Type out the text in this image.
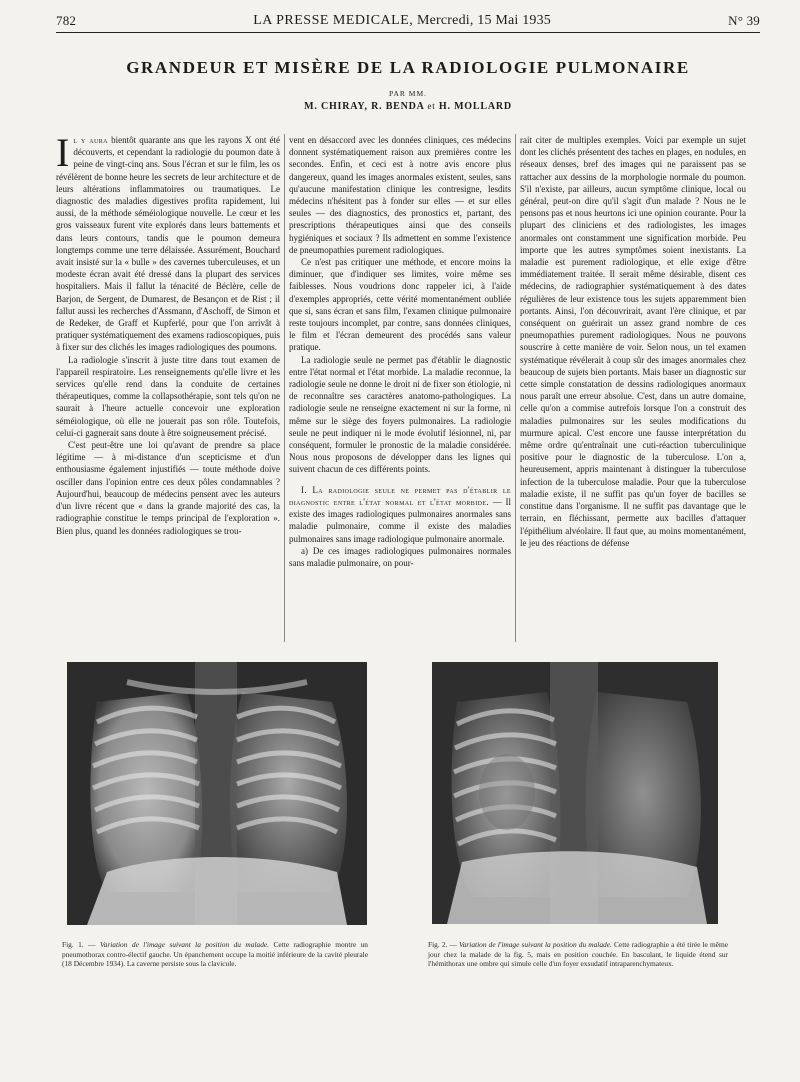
782	LA PRESSE MEDICALE, Mercredi, 15 Mai 1935	N° 39
GRANDEUR ET MISÈRE DE LA RADIOLOGIE PULMONAIRE
PAR MM.
M. CHIRAY, R. BENDA et H. MOLLARD

Il y aura bientôt quarante ans que les rayons X ont été découverts, et cependant la radiologie du poumon date à peine de vingt-cinq ans. Sous l'écran et sur le film, les os révélèrent de bonne heure les secrets de leur architecture et de leurs altérations inflammatoires ou traumatiques. Le diagnostic des maladies digestives profita rapidement, lui aussi, de la méthode séméiologique nouvelle. Le cœur et les gros vaisseaux furent vite explorés dans leurs battements et dans leurs contours, tandis que le poumon demeura longtemps comme une terre délaissée. Assurément, Bouchard avait insisté sur la « bulle » des cavernes tuberculeuses, et un modeste écran avait été dressé dans la plupart des services hospitaliers. Mais il fallut la ténacité de Béclère, celle de Barjon, de Sergent, de Dumarest, de Besançon et de Rist ; il fallut aussi les recherches d'Assmann, d'Aschoff, de Simon et de Redeker, de Graff et Kupferlé, pour que l'on arrivât à pratiquer systématiquement des examens radioscopiques, puis à fixer sur des clichés les images radiologiques des poumons.

La radiologie s'inscrit à juste titre dans tout examen de l'appareil respiratoire. Les renseignements qu'elle livre et les services qu'elle rend dans la conduite de certaines thérapeutiques, comme la collapsothérapie, sont tels qu'on ne saurait à l'heure actuelle concevoir une exploration séméiologique, où elle ne jouerait pas son rôle. Toutefois, celui-ci gagnerait sans doute à être soigneusement précisé.

C'est peut-être une loi qu'avant de prendre sa place légitime — à mi-distance d'un scepticisme et d'un enthousiasme également injustifiés — toute méthode doive osciller dans l'opinion entre ces deux pôles condamnables ? Aujourd'hui, beaucoup de médecins pensent avec les auteurs d'un livre récent que « dans la grande majorité des cas, la radiographie constitue le temps principal de l'exploration ». Bien plus, quand les données radiologiques se trou-

vent en désaccord avec les données cliniques, ces médecins donnent systématiquement raison aux premières contre les secondes. Enfin, et ceci est à notre avis encore plus dangereux, quand les images anormales existent, seules, sans qu'aucune manifestation clinique les contresigne, lesdits médecins n'hésitent pas à fonder sur elles — et sur elles seules — des diagnostics, des pronostics et, partant, des prescriptions thérapeutiques ainsi que des conseils hygiéniques et sociaux ? Ils admettent en somme l'existence de pneumopathies purement radiologiques.

Ce n'est pas critiquer une méthode, et encore moins la diminuer, que d'indiquer ses limites, voire même ses faiblesses. Nous voudrions donc rappeler ici, à l'aide d'exemples appropriés, cette vérité momentanément oubliée que si, sans écran et sans film, l'examen clinique pulmonaire reste toujours incomplet, par contre, sans données cliniques, le film et l'écran demeurent des procédés sans valeur pratique.

La radiologie seule ne permet pas d'établir le diagnostic entre l'état normal et l'état morbide. La maladie reconnue, la radiologie seule ne donne le droit ni de fixer son étiologie, ni de reconnaître ses caractères anatomo-pathologiques. La radiologie seule ne renseigne exactement ni sur la forme, ni même sur le siège des foyers pulmonaires. La radiologie seule ne peut indiquer ni le mode évolutif lésionnel, ni, par conséquent, formuler le pronostic de la maladie considérée. Nous nous proposons de développer dans les lignes qui suivent chacun de ces différents points.

I. La radiologie seule ne permet pas d'établir le diagnostic entre l'état normal et l'état morbide. — Il existe des images radiologiques pulmonaires anormales sans maladie pulmonaire, comme il existe des maladies pulmonaires sans image radiologique pulmonaire anormale.

a) De ces images radiologiques pulmonaires normales sans maladie pulmonaire, on pour-

rait citer de multiples exemples. Voici par exemple un sujet dont les clichés présentent des taches en plages, en nodules, en réseaux denses, bref des images qui ne paraissent pas se rattacher aux dessins de la morphologie normale du poumon. S'il n'existe, par ailleurs, aucun symptôme clinique, local ou général, peut-on dire qu'il s'agit d'un malade ? Nous ne le pensons pas et nous heurtons ici une opinion courante. Pour la plupart des cliniciens et des radiologistes, les images anormales ont constamment une signification morbide. Peu importe que les autres symptômes soient inexistants. La maladie est purement radiologique, et elle exige d'être immédiatement traitée. Il serait même désirable, disent ces médecins, de radiographier systématiquement à des dates régulières de leur existence tous les sujets apparemment bien portants. Ainsi, l'on découvrirait, avant l'ère clinique, et par conséquent on guérirait un assez grand nombre de ces pneumopathies purement radiologiques. Nous ne pouvons souscrire à cette manière de voir. Selon nous, un tel examen systématique révélerait à coup sûr des images anormales chez beaucoup de sujets bien portants. Mais baser un diagnostic sur cette simple constatation de dessins radiologiques anormaux nous paraît une erreur absolue. C'est, dans un autre domaine, celle qu'on a commise autrefois lorsque l'on a construit des maladies pulmonaires sur les seules modifications du murmure apical. C'est encore une fausse interprétation du même ordre qu'entraînait une cuti-réaction tuberculinique positive pour le diagnostic de la tuberculose. L'on a, heureusement, appris maintenant à distinguer la tuberculose infection de la tuberculose maladie. Pour que la tuberculose maladie existe, il ne suffit pas qu'un foyer de bacilles se constitue dans l'organisme. Il ne suffit pas davantage que le terrain, en fléchissant, permette aux bacilles d'attaquer l'épithélium alvéolaire. Il faut que, au moins momentanément, le jeu des réactions de défense

Fig. 1. — Variation de l'image suivant la position du malade. Cette radiographie montre un pneumothorax contro-électif gauche. Un épanchement occupe la moitié inférieure de la cavité pleurale (18 Décembre 1934). La caverne persiste sous la clavicule.
Fig. 2. — Variation de l'image suivant la position du malade. Cette radiographie a été tirée le même jour chez la malade de la fig. 5, mais en position couchée. En basculant, le liquide étend sur l'hémithorax une ombre qui simule celle d'un foyer exsudatif intraparenchymateux.
